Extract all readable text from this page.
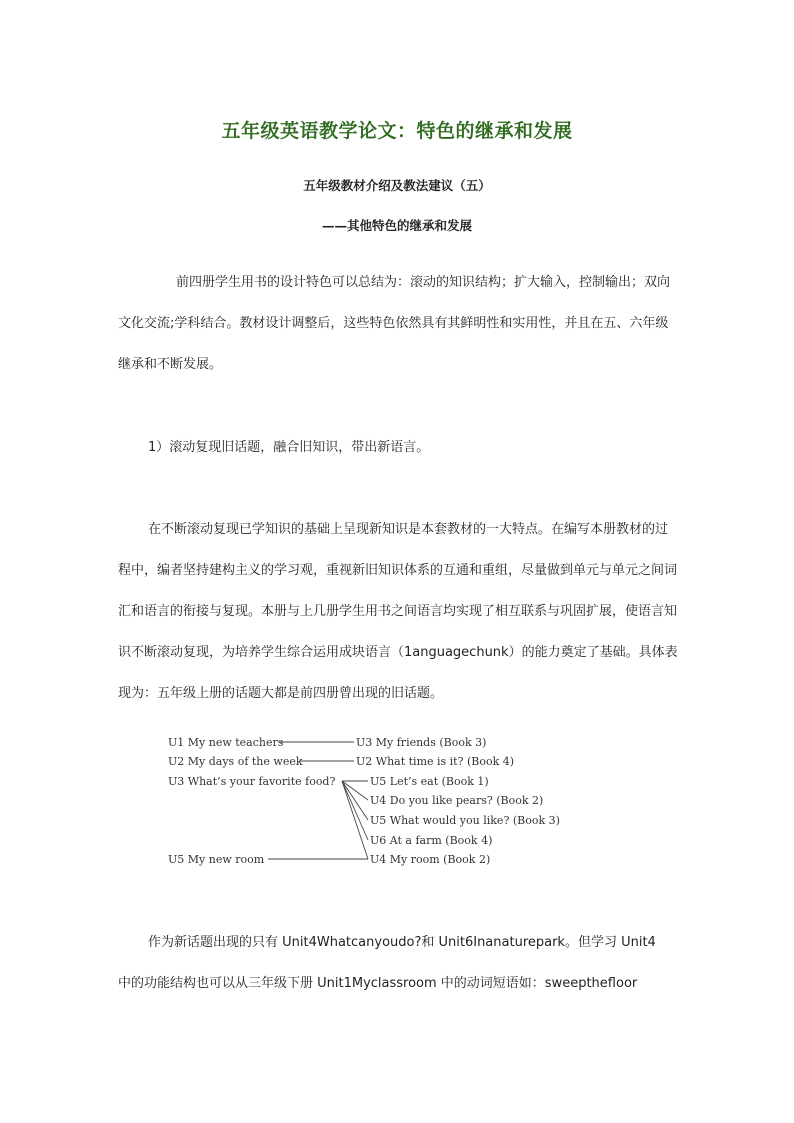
五年级英语教学论文：特色的继承和发展
五年级教材介绍及教法建议（五）
——其他特色的继承和发展

前四册学生用书的设计特色可以总结为：滚动的知识结构；扩大输入，控制输出；双向文化交流;学科结合。教材设计调整后，这些特色依然具有其鲜明性和实用性，并且在五、六年级继承和不断发展。

1）滚动复现旧话题，融合旧知识，带出新语言。

在不断滚动复现已学知识的基础上呈现新知识是本套教材的一大特点。在编写本册教材的过程中，编者坚持建构主义的学习观，重视新旧知识体系的互通和重组，尽量做到单元与单元之间词汇和语言的衔接与复现。本册与上几册学生用书之间语言均实现了相互联系与巩固扩展，使语言知识不断滚动复现，为培养学生综合运用成块语言（1anguagechunk）的能力奠定了基础。具体表现为：五年级上册的话题大都是前四册曾出现的旧话题。

U1 My new teachers
U2 My days of the week
U3 What’s your favorite food?
U5 My new room
U3 My friends (Book 3)
U2 What time is it? (Book 4)
U5 Let’s eat (Book 1)
U4 Do you like pears? (Book 2)
U5 What would you like? (Book 3)
U6 At a farm (Book 4)
U4 My room (Book 2)

作为新话题出现的只有 Unit4Whatcanyoudo?和 Unit6Inanaturepark。但学习 Unit4
中的功能结构也可以从三年级下册 Unit1Myclassroom 中的动词短语如：sweepthefloor
